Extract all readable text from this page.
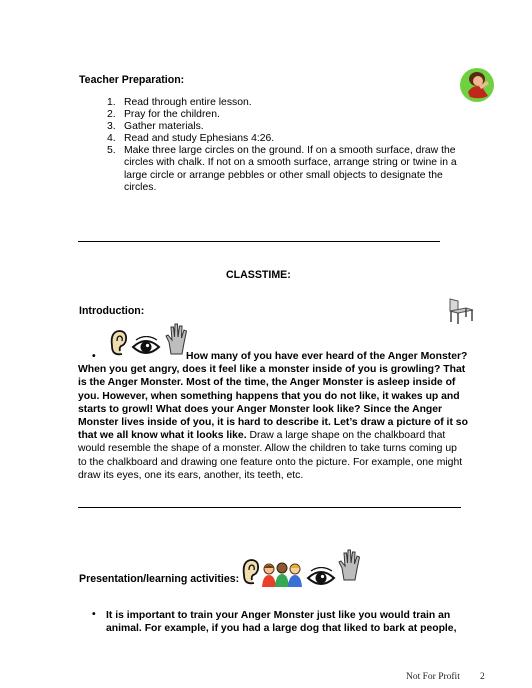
Teacher Preparation:
1. Read through entire lesson.
2. Pray for the children.
3. Gather materials.
4. Read and study Ephesians 4:26.
5. Make three large circles on the ground. If on a smooth surface, draw the circles with chalk. If not on a smooth surface, arrange string or twine in a large circle or arrange pebbles or other small objects to designate the circles.
CLASSTIME:
Introduction:
•	How many of you have ever heard of the Anger Monster? When you get angry, does it feel like a monster inside of you is growling? That is the Anger Monster. Most of the time, the Anger Monster is asleep inside of you. However, when something happens that you do not like, it wakes up and starts to growl! What does your Anger Monster look like? Since the Anger Monster lives inside of you, it is hard to describe it. Let’s draw a picture of it so that we all know what it looks like. Draw a large shape on the chalkboard that would resemble the shape of a monster. Allow the children to take turns coming up to the chalkboard and drawing one feature onto the picture. For example, one might draw its eyes, one its ears, another, its teeth, etc.
Presentation/learning activities:
• It is important to train your Anger Monster just like you would train an animal. For example, if you had a large dog that liked to bark at people,
Not For Profit 2
